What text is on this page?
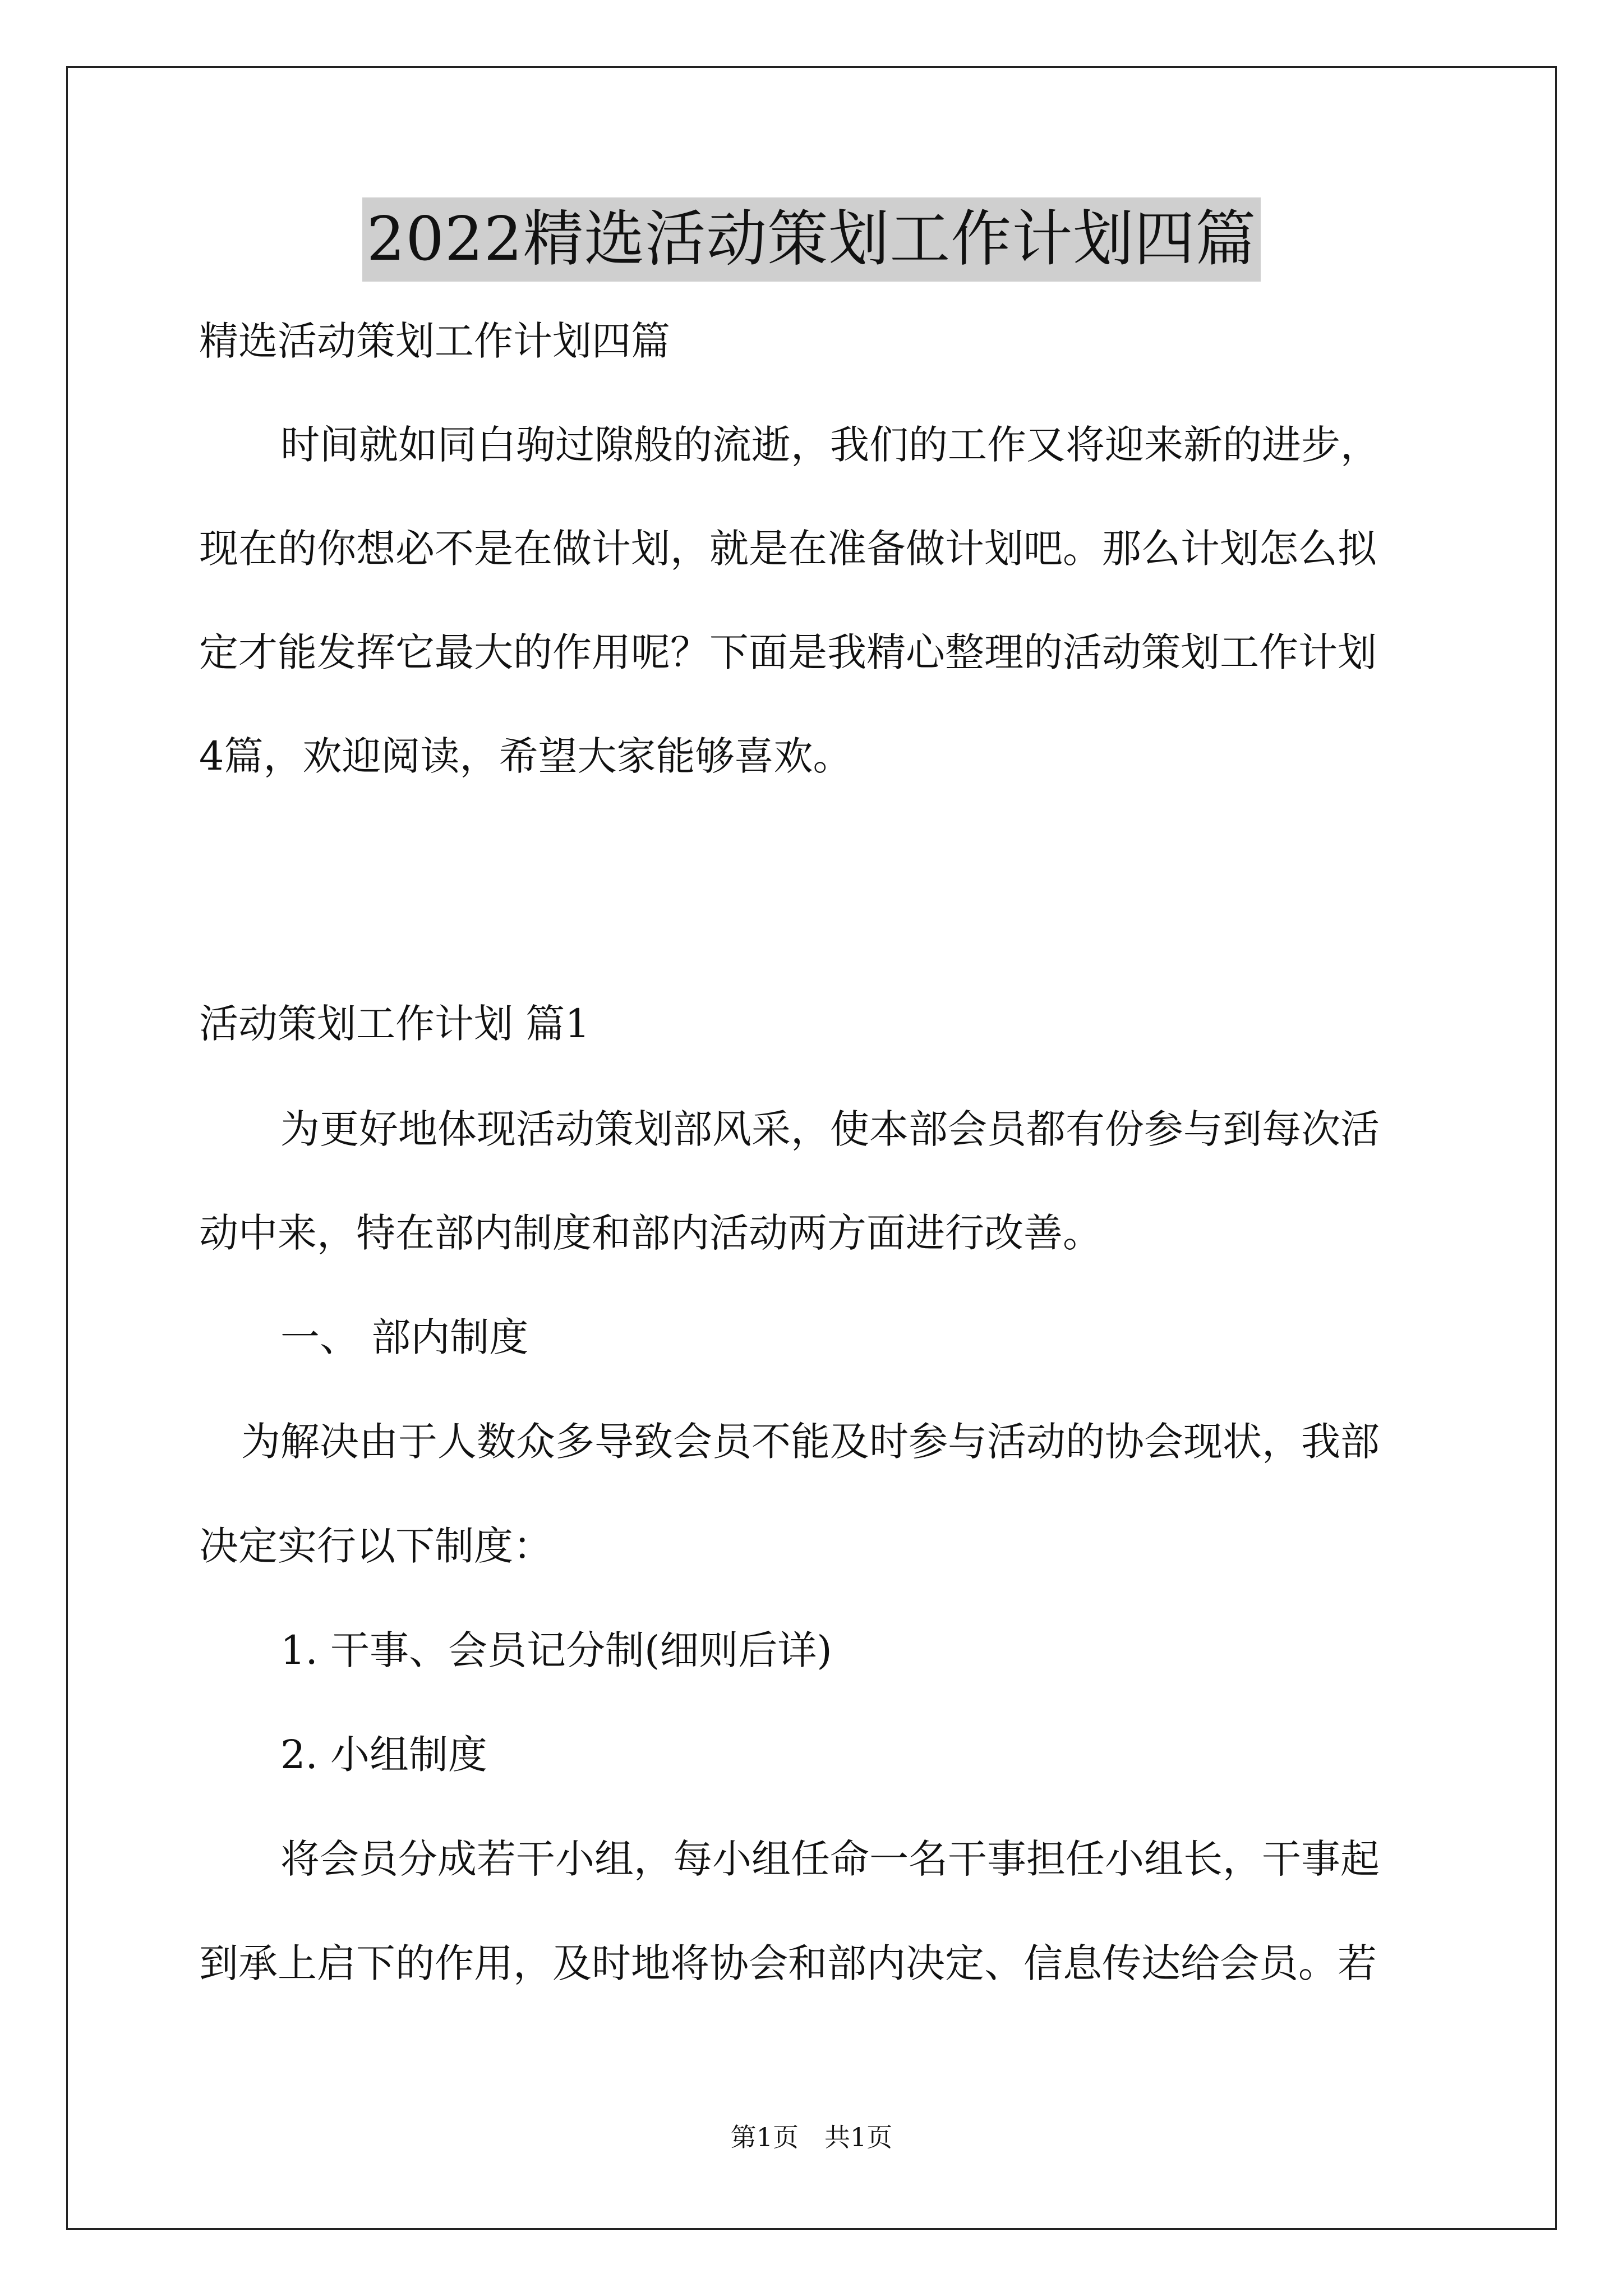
2022精选活动策划工作计划四篇
精选活动策划工作计划四篇
时间就如同白驹过隙般的流逝，我们的工作又将迎来新的进步，
现在的你想必不是在做计划，就是在准备做计划吧。那么计划怎么拟
定才能发挥它最大的作用呢？下面是我精心整理的活动策划工作计划
4篇，欢迎阅读，希望大家能够喜欢。
活动策划工作计划 篇1
为更好地体现活动策划部风采，使本部会员都有份参与到每次活
动中来，特在部内制度和部内活动两方面进行改善。
一、 部内制度
为解决由于人数众多导致会员不能及时参与活动的协会现状，我部
决定实行以下制度：
1. 干事、会员记分制(细则后详)
2. 小组制度
将会员分成若干小组，每小组任命一名干事担任小组长，干事起
到承上启下的作用，及时地将协会和部内决定、信息传达给会员。若
第1页　共1页
